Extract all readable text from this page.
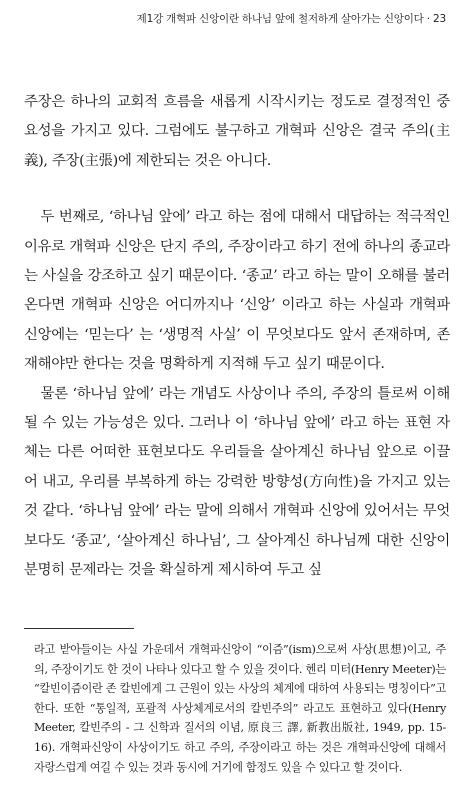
제1강 개혁파 신앙이란 하나님 앞에 철저하게 살아가는 신앙이다 · 23

주장은 하나의 교회적 흐름을 새롭게 시작시키는 정도로 결정적인 중요성을 가지고 있다. 그럼에도 불구하고 개혁파 신앙은 결국 주의(主義), 주장(主張)에 제한되는 것은 아니다.

두 번째로, ‘하나님 앞에’ 라고 하는 점에 대해서 대답하는 적극적인 이유로 개혁파 신앙은 단지 주의, 주장이라고 하기 전에 하나의 종교라는 사실을 강조하고 싶기 때문이다. ‘종교’ 라고 하는 말이 오해를 불러온다면 개혁파 신앙은 어디까지나 ‘신앙’ 이라고 하는 사실과 개혁파 신앙에는 ‘믿는다’ 는 ‘생명적 사실’ 이 무엇보다도 앞서 존재하며, 존재해야만 한다는 것을 명확하게 지적해 두고 싶기 때문이다.

물론 ‘하나님 앞에’ 라는 개념도 사상이나 주의, 주장의 틀로써 이해될 수 있는 가능성은 있다. 그러나 이 ‘하나님 앞에’ 라고 하는 표현 자체는 다른 어떠한 표현보다도 우리들을 살아계신 하나님 앞으로 이끌어 내고, 우리를 부복하게 하는 강력한 방향성(方向性)을 가지고 있는 것 같다. ‘하나님 앞에’ 라는 말에 의해서 개혁파 신앙에 있어서는 무엇보다도 ‘종교’, ‘살아계신 하나님’, 그 살아계신 하나님께 대한 신앙이 분명히 문제라는 것을 확실하게 제시하여 두고 싶

라고 받아들이는 사실 가운데서 개혁파신앙이 “이즘”(ism)으로써 사상(思想)이고, 주의, 주장이기도 한 것이 나타나 있다고 할 수 있을 것이다. 헨리 미터(Henry Meeter)는 “칼빈이즘이란 존 칼빈에게 그 근원이 있는 사상의 체계에 대하여 사용되는 명칭이다”고 한다. 또한 “통일적, 포괄적 사상체계로서의 칼빈주의” 라고도 표현하고 있다(Henry Meeter, 칼빈주의 - 그 신학과 질서의 이념, 原良三 譯, 新教出版社, 1949, pp. 15-16). 개혁파신앙이 사상이기도 하고 주의, 주장이라고 하는 것은 개혁파신앙에 대해서 자랑스럽게 여길 수 있는 것과 동시에 거기에 함정도 있을 수 있다고 할 것이다.
